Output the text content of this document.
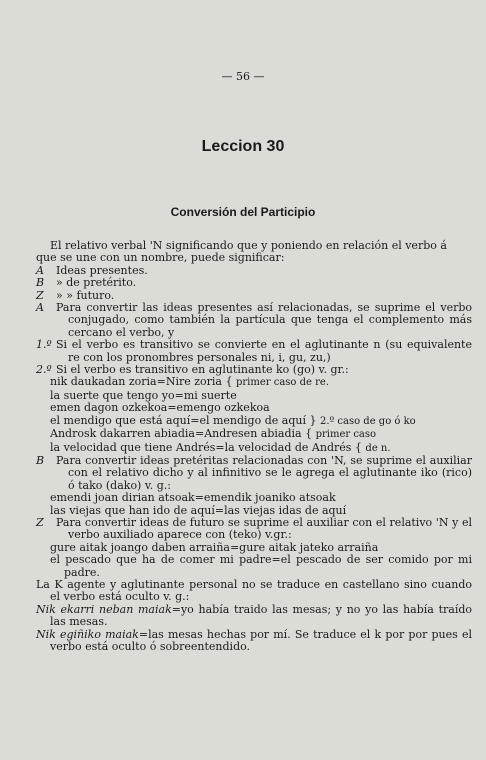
— 56 —
Leccion 30
Conversión del Participio

El relativo verbal 'N significando que y poniendo en relación el verbo á

que se une con un nombre, puede significar:

A Ideas presentes.

B » de pretérito.

Z » » futuro.

A Para convertir las ideas presentes así relacionadas, se suprime el verbo conjugado, como también la partícula que tenga el complemento más cercano el verbo, y

1.º Si el verbo es transitivo se convierte en el aglutinante n (su equivalente re con los pronombres personales ni, i, gu, zu,)

2.º Si el verbo es transitivo en aglutinante ko (go) v. gr.:

nik daukadan zoria=Nire zoria { primer caso de re.

la suerte que tengo yo=mi suerte

emen dagon ozkekoa=emengo ozkekoa

el mendigo que está aquí=el mendigo de aquí } 2.º caso de go ó ko

Androsk dakarren abiadia=Andresen abiadia { primer caso

la velocidad que tiene Andrés=la velocidad de Andrés { de n.

B Para convertir ideas pretéritas relacionadas con 'N, se suprime el auxiliar con el relativo dicho y al infinitivo se le agrega el aglutinante iko (rico) ó tako (dako) v. g.:

emendi joan dirian atsoak=emendik joaniko atsoak

las viejas que han ido de aquí=las viejas idas de aquí

Z Para convertir ideas de futuro se suprime el auxiliar con el relativo 'N y el verbo auxiliado aparece con (teko) v.gr.:

gure aitak joango daben arraiña=gure aitak jateko arraiña

el pescado que ha de comer mi padre=el pescado de ser comido por mi padre.

La K agente y aglutinante personal no se traduce en castellano sino cuando el verbo está oculto v. g.:

Nik ekarri neban maiak=yo había traido las mesas; y no yo las había traído las mesas.

Nik egiñiko maiak=las mesas hechas por mí. Se traduce el k por por pues el verbo está oculto ó sobreentendido.
